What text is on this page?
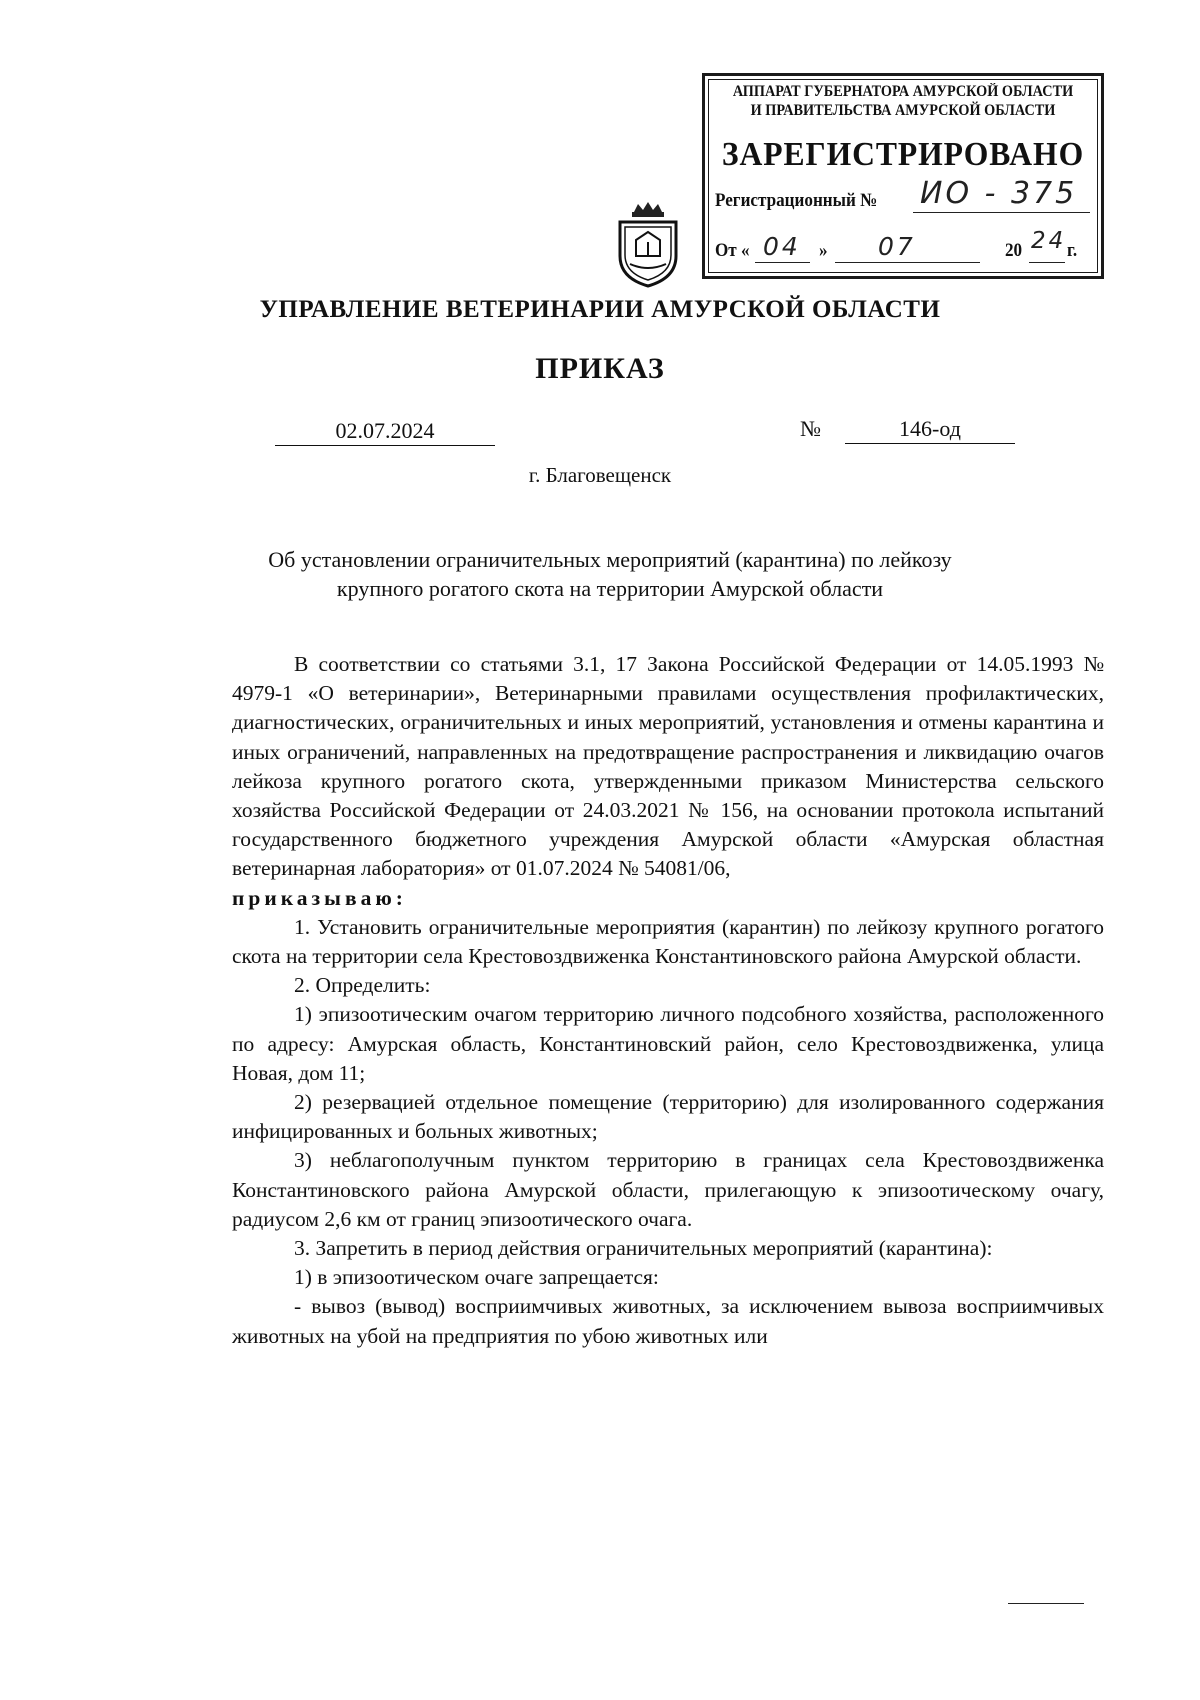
АППАРАТ ГУБЕРНАТОРА АМУРСКОЙ ОБЛАСТИ
И ПРАВИТЕЛЬСТВА АМУРСКОЙ ОБЛАСТИ
ЗАРЕГИСТРИРОВАНО
Регистрационный № ИО - 375
От « 04 » 07	20 24 г.
УПРАВЛЕНИЕ ВЕТЕРИНАРИИ АМУРСКОЙ ОБЛАСТИ
ПРИКАЗ
02.07.2024	№	146-од
г. Благовещенск
Об установлении ограничительных мероприятий (карантина) по лейкозу
крупного рогатого скота на территории Амурской области

В соответствии со статьями 3.1, 17 Закона Российской Федерации от 14.05.1993 № 4979-1 «О ветеринарии», Ветеринарными правилами осуществления профилактических, диагностических, ограничительных и иных мероприятий, установления и отмены карантина и иных ограничений, направленных на предотвращение распространения и ликвидацию очагов лейкоза крупного рогатого скота, утвержденными приказом Министерства сельского хозяйства Российской Федерации от 24.03.2021 № 156, на основании протокола испытаний государственного бюджетного учреждения Амурской области «Амурская областная ветеринарная лаборатория» от 01.07.2024 № 54081/06,

приказываю:

1. Установить ограничительные мероприятия (карантин) по лейкозу крупного рогатого скота на территории села Крестовоздвиженка Константиновского района Амурской области.

2. Определить:

1) эпизоотическим очагом территорию личного подсобного хозяйства, расположенного по адресу: Амурская область, Константиновский район, село Крестовоздвиженка, улица Новая, дом 11;

2) резервацией отдельное помещение (территорию) для изолированного содержания инфицированных и больных животных;

3) неблагополучным пунктом территорию в границах села Крестовоздвиженка Константиновского района Амурской области, прилегающую к эпизоотическому очагу, радиусом 2,6 км от границ эпизоотического очага.

3. Запретить в период действия ограничительных мероприятий (карантина):

1) в эпизоотическом очаге запрещается:

- вывоз (вывод) восприимчивых животных, за исключением вывоза восприимчивых животных на убой на предприятия по убою животных или
